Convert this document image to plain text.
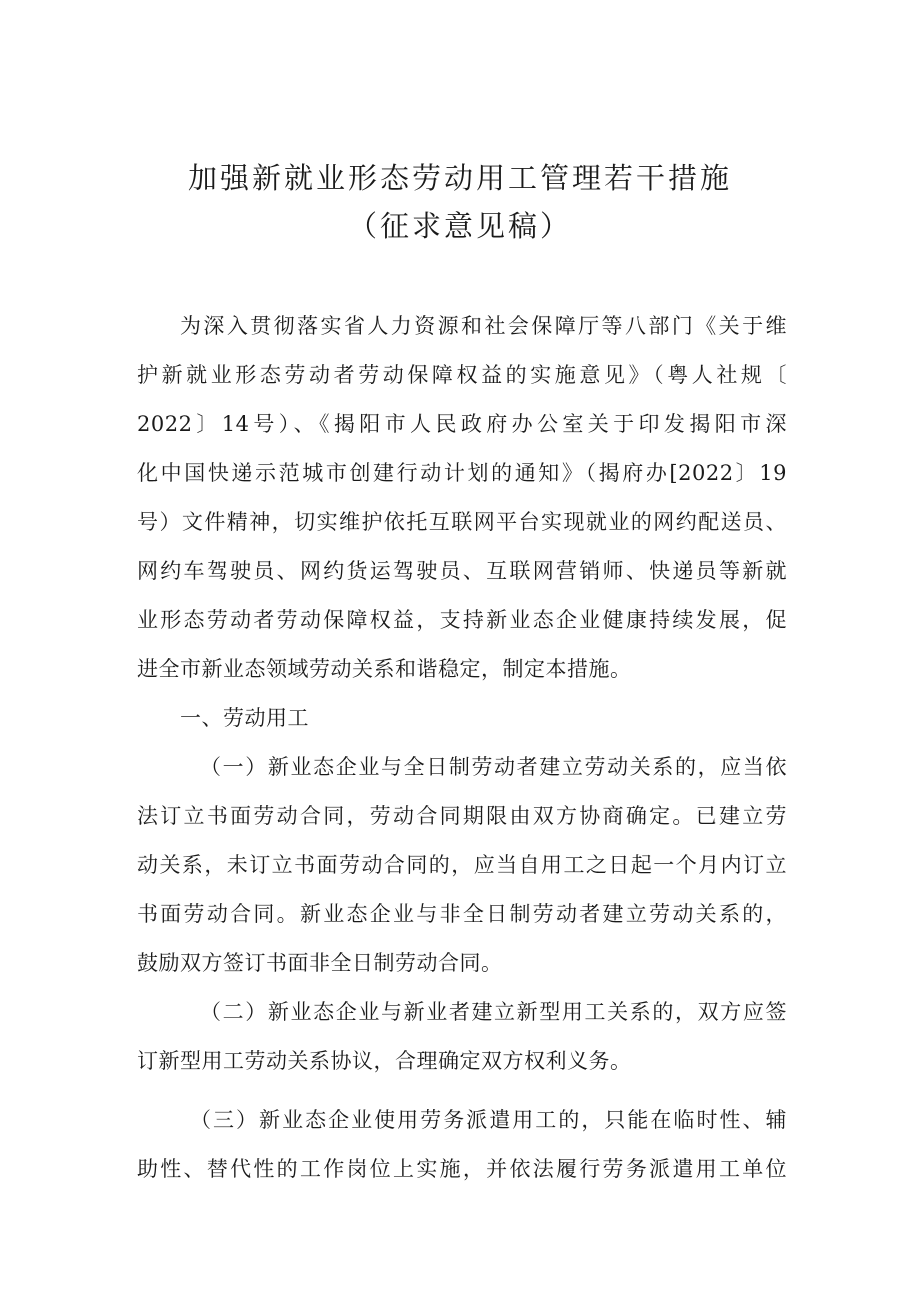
加强新就业形态劳动用工管理若干措施
（征求意见稿）
为深入贯彻落实省人力资源和社会保障厅等八部门《关于维
护新就业形态劳动者劳动保障权益的实施意见》（粤人社规〔
2022〕14号）、《揭阳市人民政府办公室关于印发揭阳市深
化中国快递示范城市创建行动计划的通知》（揭府办[2022〕19
号）文件精神，切实维护依托互联网平台实现就业的网约配送员、
网约车驾驶员、网约货运驾驶员、互联网营销师、快递员等新就
业形态劳动者劳动保障权益，支持新业态企业健康持续发展，促
进全市新业态领域劳动关系和谐稳定，制定本措施。
一、劳动用工
（一）新业态企业与全日制劳动者建立劳动关系的，应当依
法订立书面劳动合同，劳动合同期限由双方协商确定。已建立劳
动关系，未订立书面劳动合同的，应当自用工之日起一个月内订立
书面劳动合同。新业态企业与非全日制劳动者建立劳动关系的，
鼓励双方签订书面非全日制劳动合同。
（二）新业态企业与新业者建立新型用工关系的，双方应签
订新型用工劳动关系协议，合理确定双方权利义务。
（三）新业态企业使用劳务派遣用工的，只能在临时性、辅
助性、替代性的工作岗位上实施，并依法履行劳务派遣用工单位
